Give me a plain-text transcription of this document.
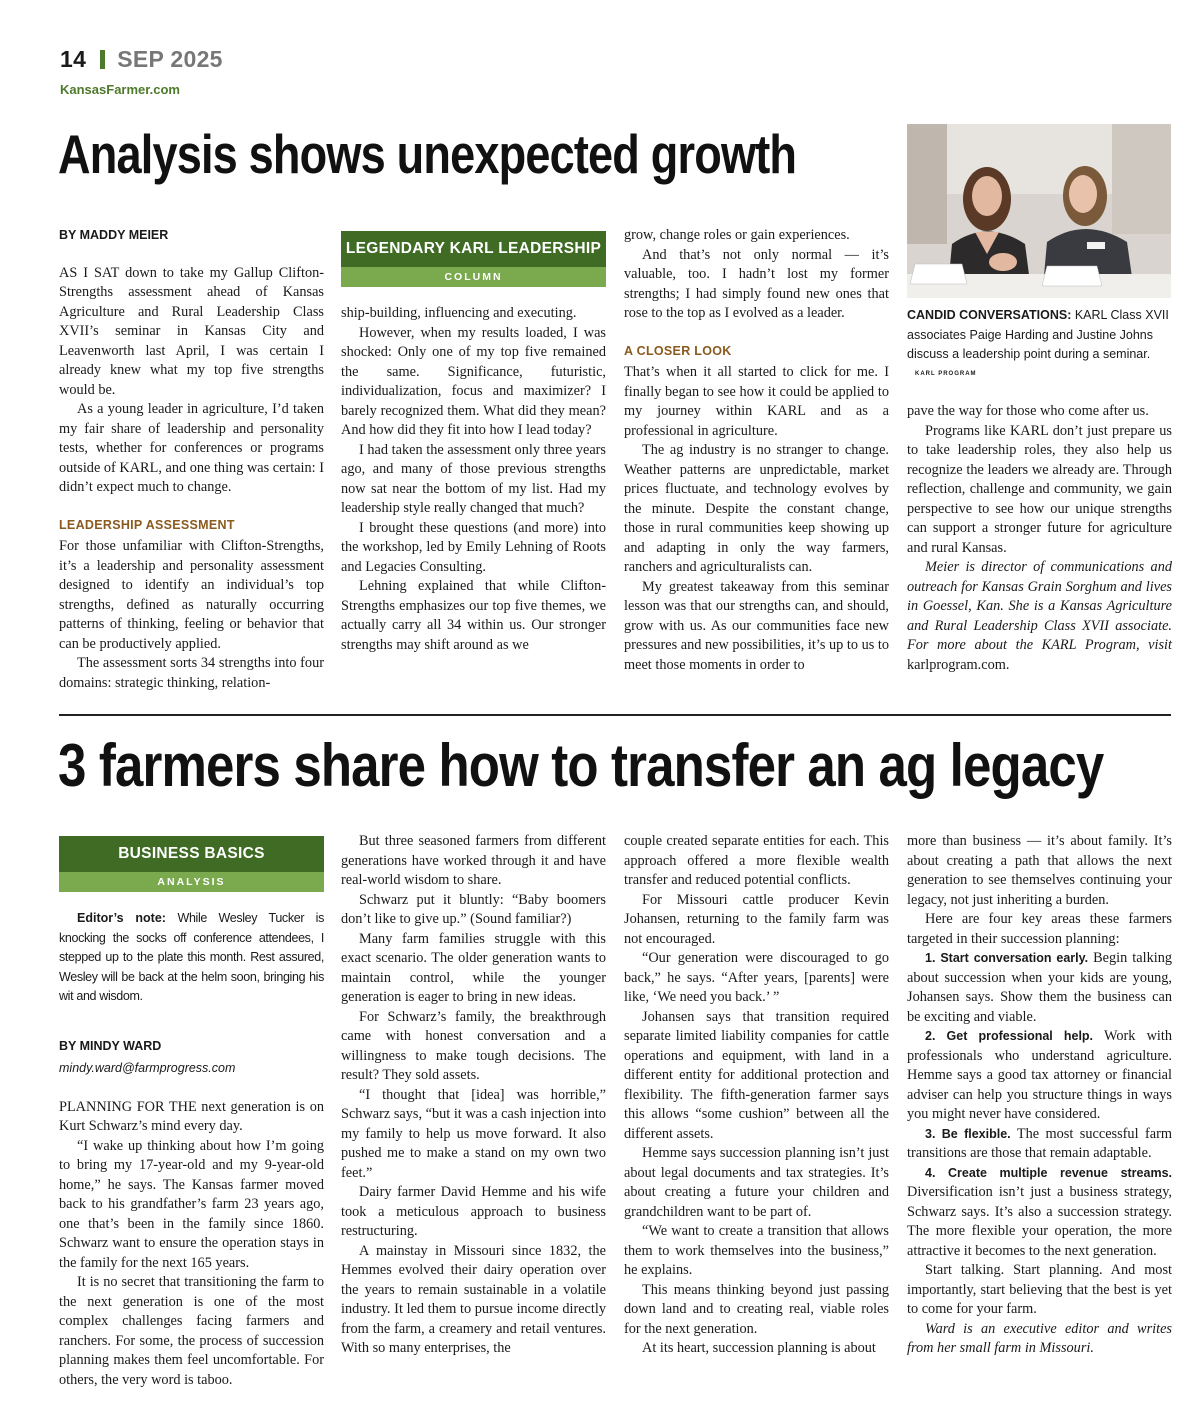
14 SEP 2025
KansasFarmer.com
Analysis shows unexpected growth

BY MADDY MEIER

AS I SAT down to take my Gallup Clifton-Strengths assessment ahead of Kansas Agriculture and Rural Leadership Class XVII’s seminar in Kansas City and Leavenworth last April, I was certain I already knew what my top five strengths would be.

As a young leader in agriculture, I’d taken my fair share of leadership and personality tests, whether for conferences or programs outside of KARL, and one thing was certain: I didn’t expect much to change.

LEADERSHIP ASSESSMENT

For those unfamiliar with Clifton-Strengths, it’s a leadership and personality assessment designed to identify an individual’s top strengths, defined as naturally occurring patterns of thinking, feeling or behavior that can be productively applied.

The assessment sorts 34 strengths into four domains: strategic thinking, relation-

LEGENDARY KARL LEADERSHIP
COLUMN

ship-building, influencing and executing.

However, when my results loaded, I was shocked: Only one of my top five remained the same. Significance, futuristic, individualization, focus and maximizer? I barely recognized them. What did they mean? And how did they fit into how I lead today?

I had taken the assessment only three years ago, and many of those previous strengths now sat near the bottom of my list. Had my leadership style really changed that much?

I brought these questions (and more) into the workshop, led by Emily Lehning of Roots and Legacies Consulting.

Lehning explained that while Clifton-Strengths emphasizes our top five themes, we actually carry all 34 within us. Our stronger strengths may shift around as we

grow, change roles or gain experiences.

And that’s not only normal — it’s valuable, too. I hadn’t lost my former strengths; I had simply found new ones that rose to the top as I evolved as a leader.

A CLOSER LOOK

That’s when it all started to click for me. I finally began to see how it could be applied to my journey within KARL and as a professional in agriculture.

The ag industry is no stranger to change. Weather patterns are unpredictable, market prices fluctuate, and technology evolves by the minute. Despite the constant change, those in rural communities keep showing up and adapting in only the way farmers, ranchers and agriculturalists can.

My greatest takeaway from this seminar lesson was that our strengths can, and should, grow with us. As our communities face new pressures and new possibilities, it’s up to us to meet those moments in order to

CANDID CONVERSATIONS: KARL Class XVII associates Paige Harding and Justine Johns discuss a leadership point during a seminar. KARL PROGRAM

pave the way for those who come after us.

Programs like KARL don’t just prepare us to take leadership roles, they also help us recognize the leaders we already are. Through reflection, challenge and community, we gain perspective to see how our unique strengths can support a stronger future for agriculture and rural Kansas.

Meier is director of communications and outreach for Kansas Grain Sorghum and lives in Goessel, Kan. She is a Kansas Agriculture and Rural Leadership Class XVII associate. For more about the KARL Program, visit karlprogram.com.

3 farmers share how to transfer an ag legacy
BUSINESS BASICS
ANALYSIS

Editor’s note: While Wesley Tucker is knocking the socks off conference attendees, I stepped up to the plate this month. Rest assured, Wesley will be back at the helm soon, bringing his wit and wisdom.

BY MINDY WARD

mindy.ward@farmprogress.com

PLANNING FOR THE next generation is on Kurt Schwarz’s mind every day.

“I wake up thinking about how I’m going to bring my 17-year-old and my 9-year-old home,” he says. The Kansas farmer moved back to his grandfather’s farm 23 years ago, one that’s been in the family since 1860. Schwarz want to ensure the operation stays in the family for the next 165 years.

It is no secret that transitioning the farm to the next generation is one of the most complex challenges facing farmers and ranchers. For some, the process of succession planning makes them feel uncomfortable. For others, the very word is taboo.

But three seasoned farmers from different generations have worked through it and have real-world wisdom to share.

Schwarz put it bluntly: “Baby boomers don’t like to give up.” (Sound familiar?)

Many farm families struggle with this exact scenario. The older generation wants to maintain control, while the younger generation is eager to bring in new ideas.

For Schwarz’s family, the breakthrough came with honest conversation and a willingness to make tough decisions. The result? They sold assets.

“I thought that [idea] was horrible,” Schwarz says, “but it was a cash injection into my family to help us move forward. It also pushed me to make a stand on my own two feet.”

Dairy farmer David Hemme and his wife took a meticulous approach to business restructuring.

A mainstay in Missouri since 1832, the Hemmes evolved their dairy operation over the years to remain sustainable in a volatile industry. It led them to pursue income directly from the farm, a creamery and retail ventures. With so many enterprises, the

couple created separate entities for each. This approach offered a more flexible wealth transfer and reduced potential conflicts.

For Missouri cattle producer Kevin Johansen, returning to the family farm was not encouraged.

“Our generation were discouraged to go back,” he says. “After years, [parents] were like, ‘We need you back.’ ”

Johansen says that transition required separate limited liability companies for cattle operations and equipment, with land in a different entity for additional protection and flexibility. The fifth-generation farmer says this allows “some cushion” between all the different assets.

Hemme says succession planning isn’t just about legal documents and tax strategies. It’s about creating a future your children and grandchildren want to be part of.

“We want to create a transition that allows them to work themselves into the business,” he explains.

This means thinking beyond just passing down land and to creating real, viable roles for the next generation.

At its heart, succession planning is about

more than business — it’s about family. It’s about creating a path that allows the next generation to see themselves continuing your legacy, not just inheriting a burden.

Here are four key areas these farmers targeted in their succession planning:

1. Start conversation early. Begin talking about succession when your kids are young, Johansen says. Show them the business can be exciting and viable.

2. Get professional help. Work with professionals who understand agriculture. Hemme says a good tax attorney or financial adviser can help you structure things in ways you might never have considered.

3. Be flexible. The most successful farm transitions are those that remain adaptable.

4. Create multiple revenue streams. Diversification isn’t just a business strategy, Schwarz says. It’s also a succession strategy. The more flexible your operation, the more attractive it becomes to the next generation.

Start talking. Start planning. And most importantly, start believing that the best is yet to come for your farm.

Ward is an executive editor and writes from her small farm in Missouri.
